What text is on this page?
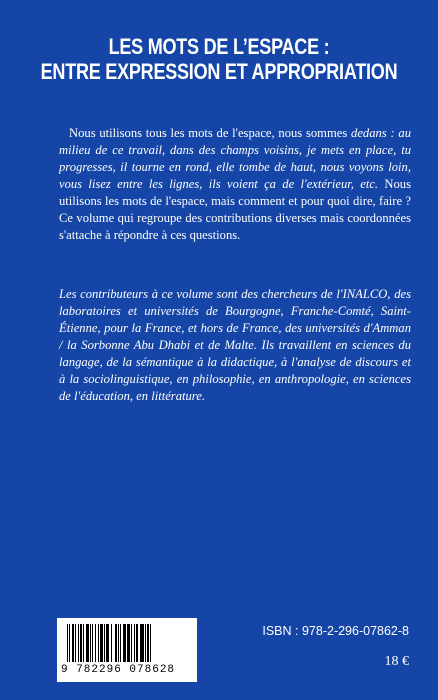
LES MOTS DE L’ESPACE :
ENTRE EXPRESSION ET APPROPRIATION
Nous utilisons tous les mots de l'espace, nous sommes dedans : au milieu de ce travail, dans des champs voisins, je mets en place, tu progresses, il tourne en rond, elle tombe de haut, nous voyons loin, vous lisez entre les lignes, ils voient ça de l'extérieur, etc. Nous utilisons les mots de l'espace, mais comment et pour quoi dire, faire ? Ce volume qui regroupe des contributions diverses mais coordonnées s'attache à répondre à ces questions.
Les contributeurs à ce volume sont des chercheurs de l'INALCO, des laboratoires et universités de Bourgogne, Franche-Comté, Saint-Étienne, pour la France, et hors de France, des universités d'Amman / la Sorbonne Abu Dhabi et de Malte. Ils travaillent en sciences du langage, de la sémantique à la didactique, à l'analyse de discours et à la sociolinguistique, en philosophie, en anthropologie, en sciences de l'éducation, en littérature.
9 782296 078628
ISBN : 978-2-296-07862-8
18 €
